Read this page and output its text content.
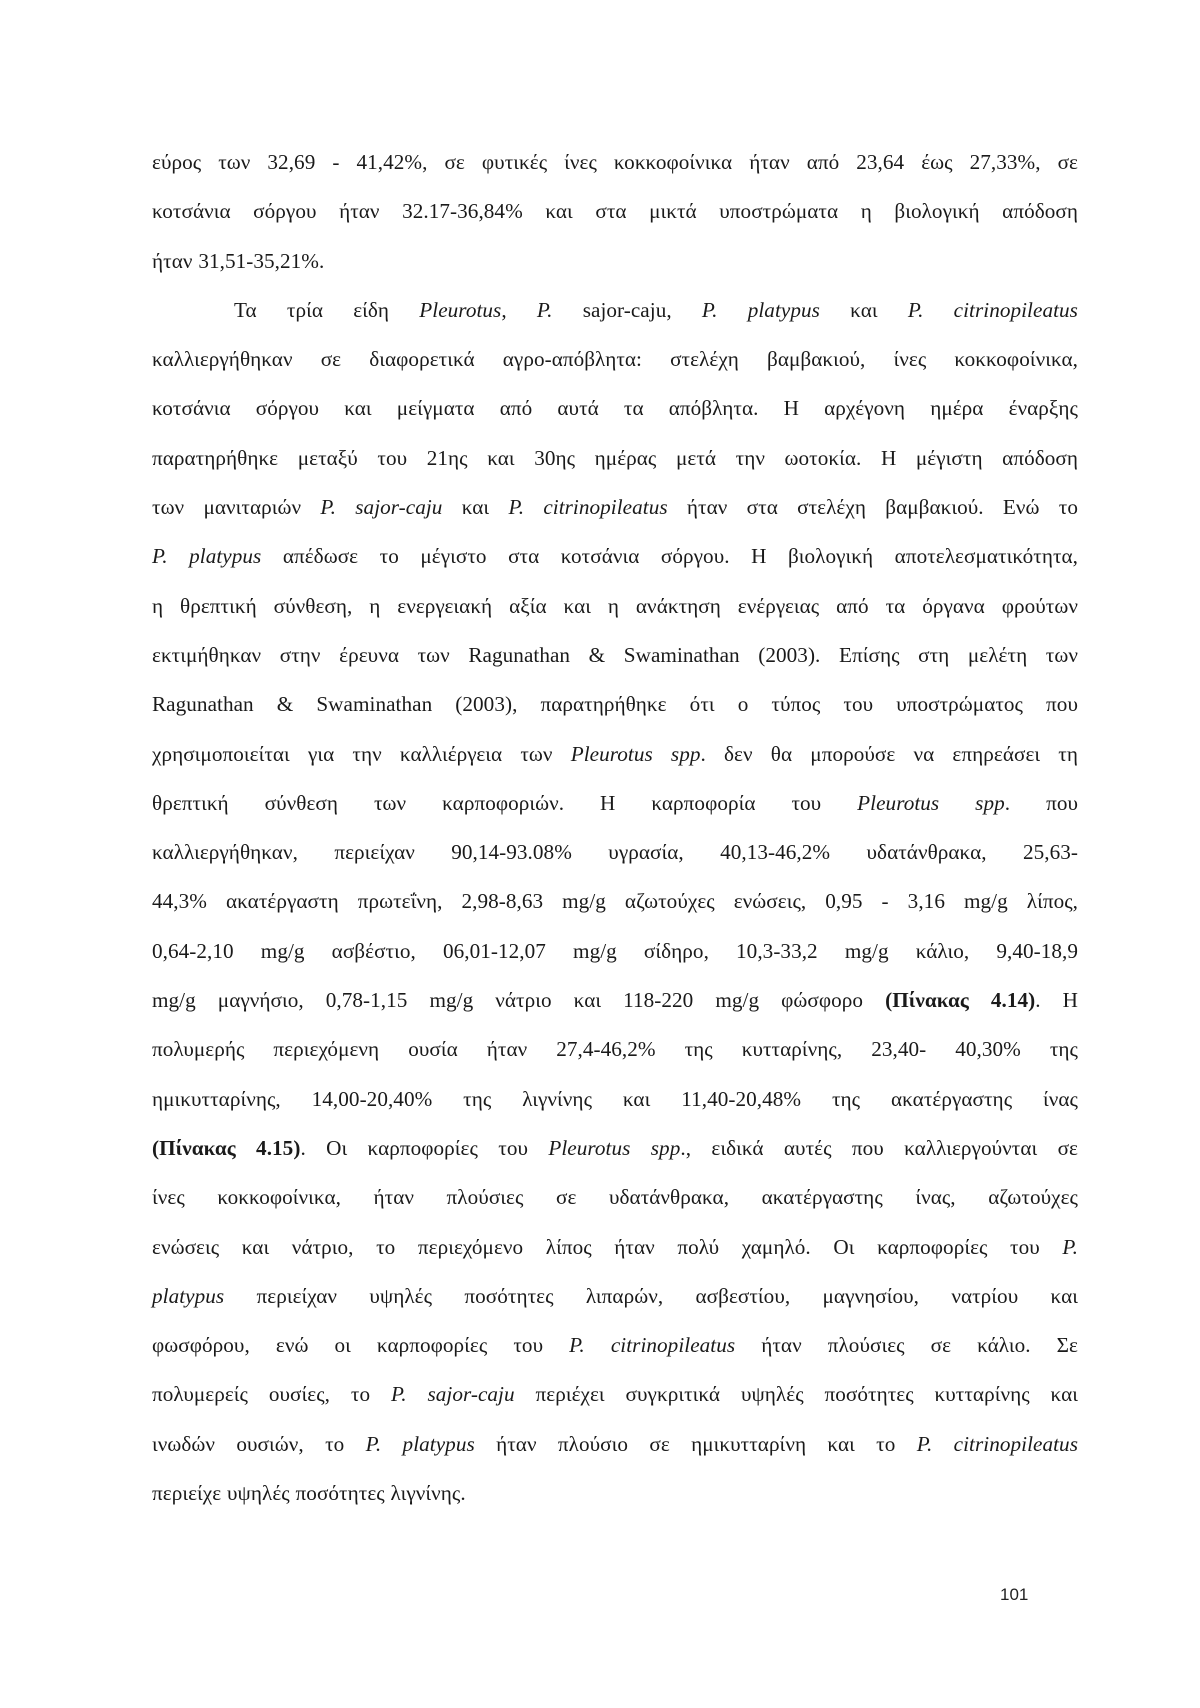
εύρος των 32,69 - 41,42%, σε φυτικές ίνες κοκκοφοίνικα ήταν από 23,64 έως 27,33%, σε
κοτσάνια σόργου ήταν 32.17-36,84% και στα μικτά υποστρώματα η βιολογική απόδοση
ήταν 31,51-35,21%.
Τα τρία είδη Pleurotus, P. sajor-caju, P. platypus και P. citrinopileatus
καλλιεργήθηκαν σε διαφορετικά αγρο-απόβλητα: στελέχη βαμβακιού, ίνες κοκκοφοίνικα,
κοτσάνια σόργου και μείγματα από αυτά τα απόβλητα. Η αρχέγονη ημέρα έναρξης
παρατηρήθηκε μεταξύ του 21ης και 30ης ημέρας μετά την ωοτοκία. Η μέγιστη απόδοση
των μανιταριών P. sajor-caju και P. citrinopileatus ήταν στα στελέχη βαμβακιού. Ενώ το
P. platypus απέδωσε το μέγιστο στα κοτσάνια σόργου. Η βιολογική αποτελεσματικότητα,
η θρεπτική σύνθεση, η ενεργειακή αξία και η ανάκτηση ενέργειας από τα όργανα φρούτων
εκτιμήθηκαν στην έρευνα των Ragunathan & Swaminathan (2003). Επίσης στη μελέτη των
Ragunathan & Swaminathan (2003), παρατηρήθηκε ότι ο τύπος του υποστρώματος που
χρησιμοποιείται για την καλλιέργεια των Pleurotus spp. δεν θα μπορούσε να επηρεάσει τη
θρεπτική σύνθεση των καρποφοριών. Η καρποφορία του Pleurotus spp. που
καλλιεργήθηκαν, περιείχαν 90,14-93.08% υγρασία, 40,13-46,2% υδατάνθρακα, 25,63-
44,3% ακατέργαστη πρωτεΐνη, 2,98-8,63 mg/g αζωτούχες ενώσεις, 0,95 - 3,16 mg/g λίπος,
0,64-2,10 mg/g ασβέστιο, 06,01-12,07 mg/g σίδηρο, 10,3-33,2 mg/g κάλιο, 9,40-18,9
mg/g μαγνήσιο, 0,78-1,15 mg/g νάτριο και 118-220 mg/g φώσφορο (Πίνακας 4.14). Η
πολυμερής περιεχόμενη ουσία ήταν 27,4-46,2% της κυτταρίνης, 23,40- 40,30% της
ημικυτταρίνης, 14,00-20,40% της λιγνίνης και 11,40-20,48% της ακατέργαστης ίνας
(Πίνακας 4.15). Οι καρποφορίες του Pleurotus spp., ειδικά αυτές που καλλιεργούνται σε
ίνες κοκκοφοίνικα, ήταν πλούσιες σε υδατάνθρακα, ακατέργαστης ίνας, αζωτούχες
ενώσεις και νάτριο, το περιεχόμενο λίπος ήταν πολύ χαμηλό. Οι καρποφορίες του P.
platypus περιείχαν υψηλές ποσότητες λιπαρών, ασβεστίου, μαγνησίου, νατρίου και
φωσφόρου, ενώ οι καρποφορίες του P. citrinopileatus ήταν πλούσιες σε κάλιο. Σε
πολυμερείς ουσίες, το P. sajor-caju περιέχει συγκριτικά υψηλές ποσότητες κυτταρίνης και
ινωδών ουσιών, το P. platypus ήταν πλούσιο σε ημικυτταρίνη και το P. citrinopileatus
περιείχε υψηλές ποσότητες λιγνίνης.
101
